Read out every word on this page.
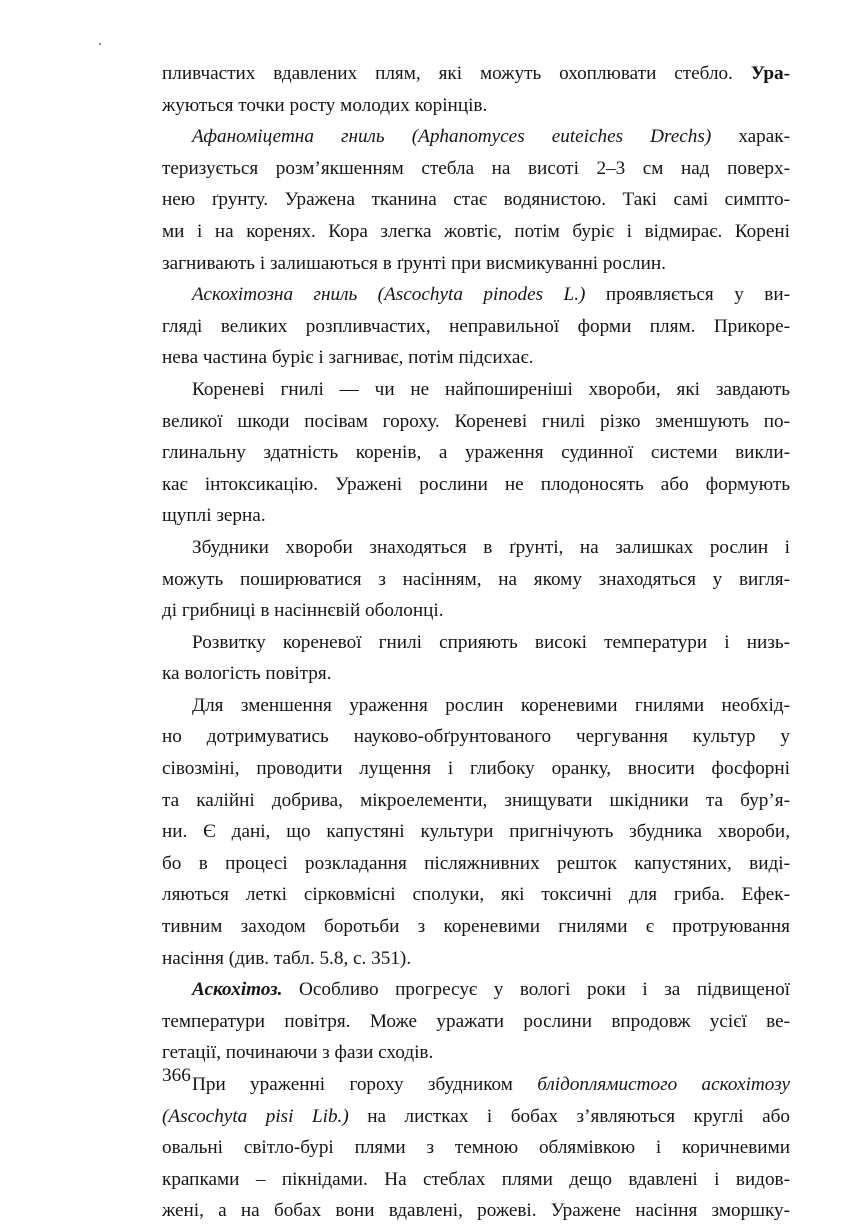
пливчастих вдавлених плям, які можуть охоплювати стебло. Ура-
жуються точки росту молодих корінців.
Афаноміцетна гниль (Aphanomyces euteiches Drechs) харак-
теризується розм’якшенням стебла на висоті 2–3 см над поверх-
нею ґрунту. Уражена тканина стає водянистою. Такі самі симпто-
ми і на коренях. Кора злегка жовтіє, потім буріє і відмирає. Корені
загнивають і залишаються в ґрунті при висмикуванні рослин.
Аскохітозна гниль (Ascochyta pinodes L.) проявляється у ви-
гляді великих розпливчастих, неправильної форми плям. Прикоре-
нева частина буріє і загниває, потім підсихає.
Кореневі гнилі — чи не найпоширеніші хвороби, які завдають
великої шкоди посівам гороху. Кореневі гнилі різко зменшують по-
глинальну здатність коренів, а ураження судинної системи викли-
кає інтоксикацію. Уражені рослини не плодоносять або формують
щуплі зерна.
Збудники хвороби знаходяться в ґрунті, на залишках рослин і
можуть поширюватися з насінням, на якому знаходяться у вигля-
ді грибниці в насіннєвій оболонці.
Розвитку кореневої гнилі сприяють високі температури і низь-
ка вологість повітря.
Для зменшення ураження рослин кореневими гнилями необхід-
но дотримуватись науково-обґрунтованого чергування культур у
сівозміні, проводити лущення і глибоку оранку, вносити фосфорні
та калійні добрива, мікроелементи, знищувати шкідники та бур’я-
ни. Є дані, що капустяні культури пригнічують збудника хвороби,
бо в процесі розкладання післяжнивних решток капустяних, виді-
ляються леткі сірковмісні сполуки, які токсичні для гриба. Ефек-
тивним заходом боротьби з кореневими гнилями є протруювання
насіння (див. табл. 5.8, с. 351).
Аскохітоз. Особливо прогресує у вологі роки і за підвищеної
температури повітря. Може уражати рослини впродовж усієї ве-
гетації, починаючи з фази сходів.
При ураженні гороху збудником блідоплямистого аскохітозу
(Ascochyta pisi Lib.) на листках і бобах з’являються круглі або
овальні світло-бурі плями з темною облямівкою і коричневими
крапками – пікнідами. На стеблах плями дещо вдавлені і видов-
жені, а на бобах вони вдавлені, рожеві. Уражене насіння зморшку-
366
